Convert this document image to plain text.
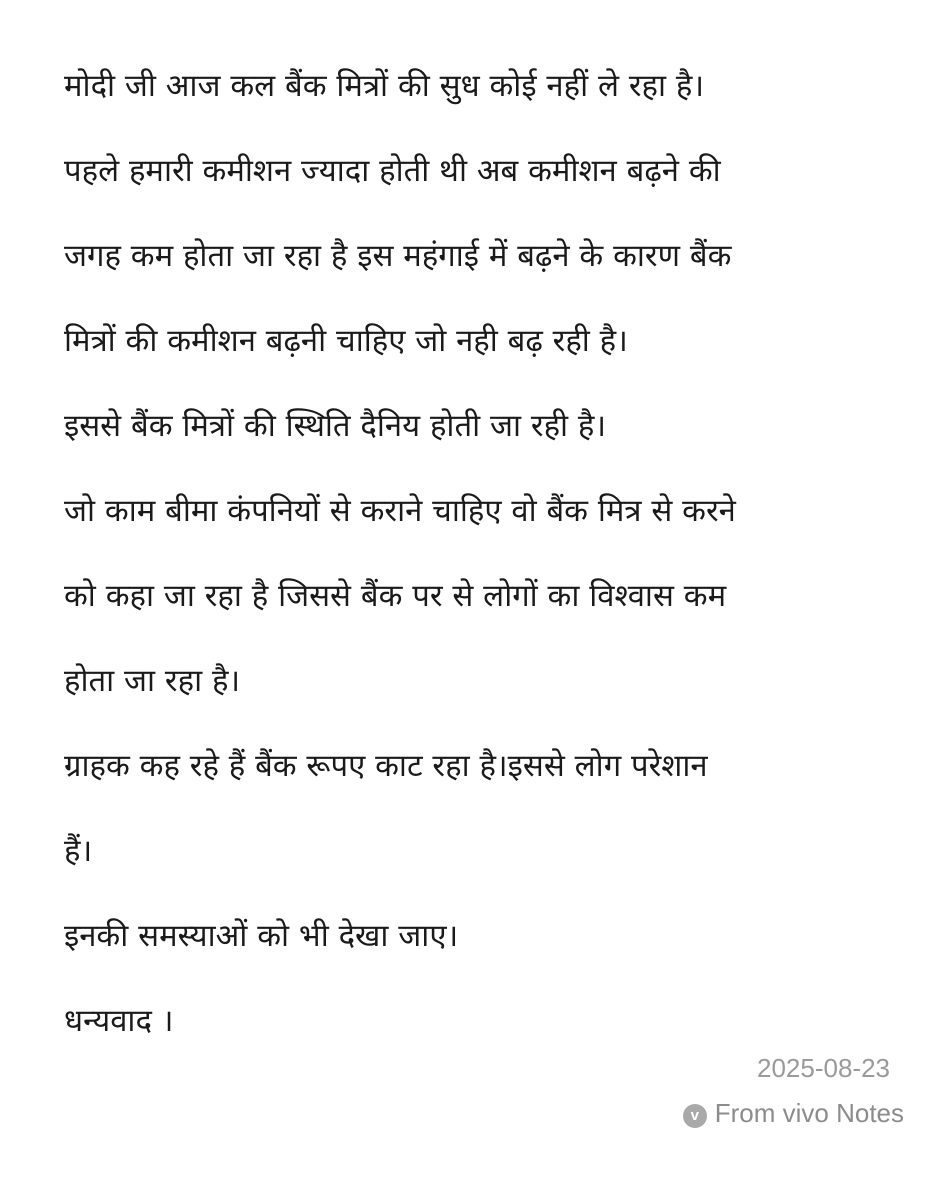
मोदी जी आज कल बैंक मित्रों की सुध कोई नहीं ले रहा है।
पहले हमारी कमीशन ज्यादा होती थी अब कमीशन बढ़ने की
जगह कम होता जा रहा है इस महंगाई में बढ़ने के कारण बैंक
मित्रों की कमीशन बढ़नी चाहिए जो नही बढ़ रही है।
इससे बैंक मित्रों की स्थिति दैनिय होती जा रही है।
जो काम बीमा कंपनियों से कराने चाहिए वो बैंक मित्र से करने
को कहा जा रहा है जिससे बैंक पर से लोगों का विश्वास कम
होता जा रहा है।
ग्राहक कह रहे हैं बैंक रूपए काट रहा है।इससे लोग परेशान
हैं।
इनकी समस्याओं को भी देखा जाए।
धन्यवाद ।
2025-08-23
v From vivo Notes
